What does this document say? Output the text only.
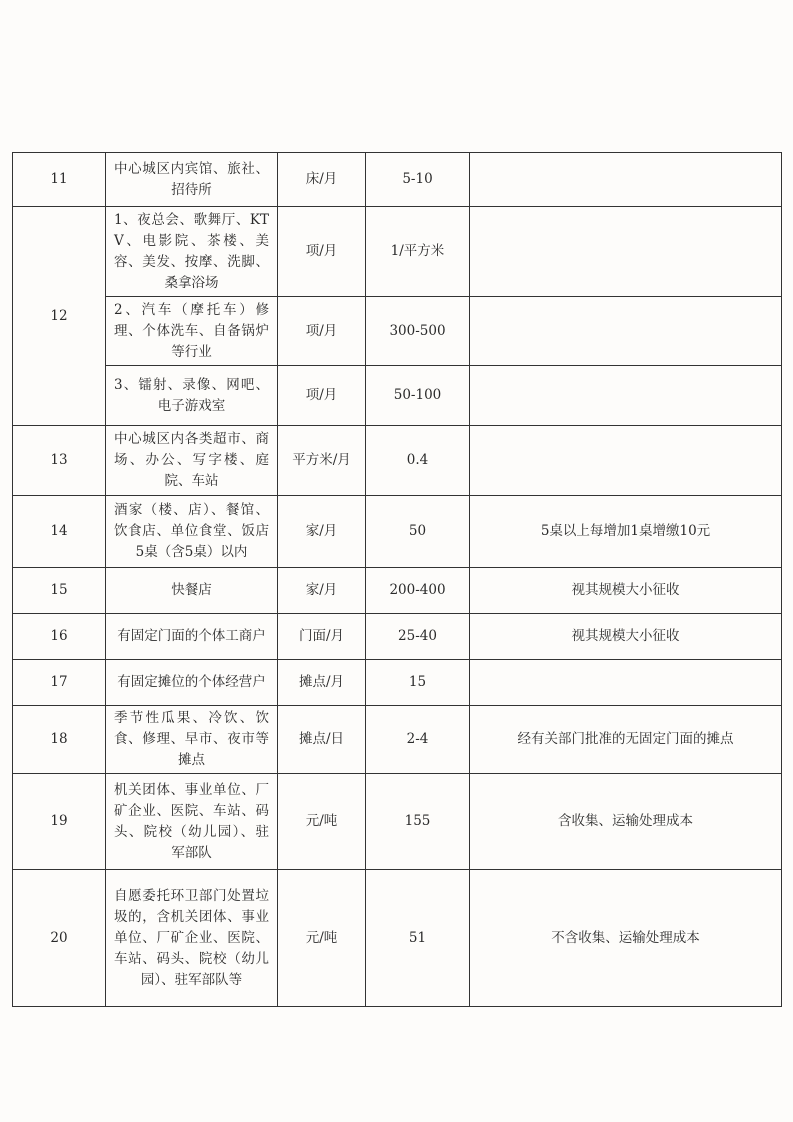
11	中心城区内宾馆、旅社、招待所	床/月	5-10	
12	1、夜总会、歌舞厅、KTV、电影院、茶楼、美容、美发、按摩、洗脚、桑拿浴场	项/月	1/平方米	

	2、汽车（摩托车）修理、个体洗车、自备锅炉等行业	项/月	300-500	

	3、镭射、录像、网吧、电子游戏室	项/月	50-100	
13	中心城区内各类超市、商场、办公、写字楼、庭院、车站	平方米/月	0.4	
14	酒家（楼、店）、餐馆、饮食店、单位食堂、饭店5桌（含5桌）以内	家/月	50	5桌以上每增加1桌增缴10元
15	快餐店	家/月	200-400	视其规模大小征收
16	有固定门面的个体工商户	门面/月	25-40	视其规模大小征收
17	有固定摊位的个体经营户	摊点/月	15	
18	季节性瓜果、冷饮、饮食、修理、早市、夜市等摊点	摊点/日	2-4	经有关部门批准的无固定门面的摊点
19	机关团体、事业单位、厂矿企业、医院、车站、码头、院校（幼儿园）、驻军部队	元/吨	155	含收集、运输处理成本
20	自愿委托环卫部门处置垃圾的，含机关团体、事业单位、厂矿企业、医院、车站、码头、院校（幼儿园）、驻军部队等	元/吨	51	不含收集、运输处理成本
